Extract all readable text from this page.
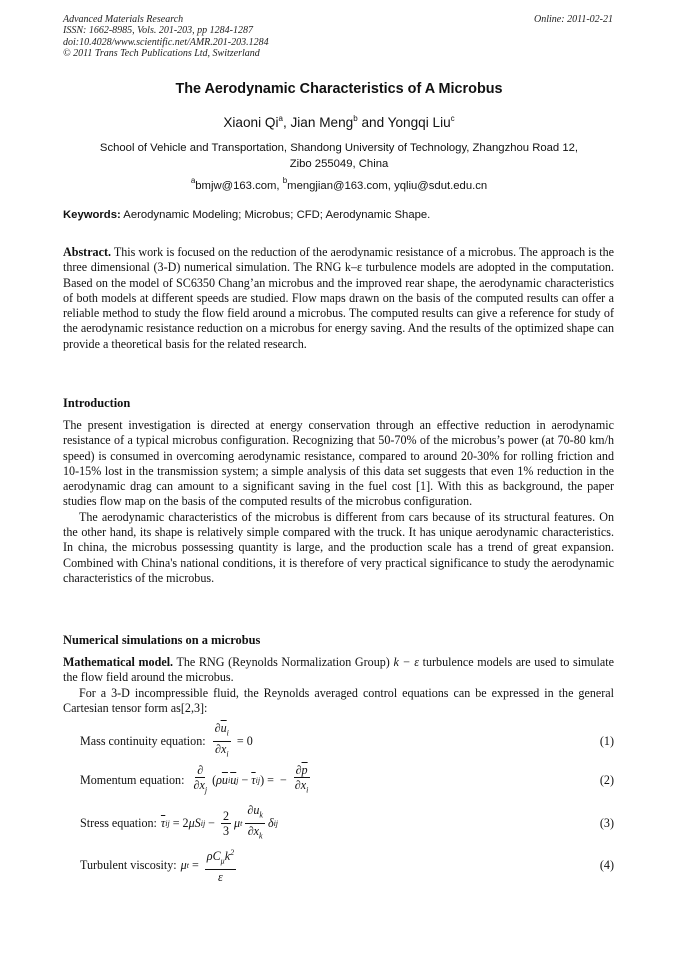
Advanced Materials Research
ISSN: 1662-8985, Vols. 201-203, pp 1284-1287
doi:10.4028/www.scientific.net/AMR.201-203.1284
© 2011 Trans Tech Publications Ltd, Switzerland
Online: 2011-02-21
The Aerodynamic Characteristics of A Microbus
Xiaoni Qi$^a$, Jian Meng$^b$ and Yongqi Liu$^c$
School of Vehicle and Transportation, Shandong University of Technology, Zhangzhou Road 12,
Zibo 255049, China
$^a$bmjw@163.com, $^b$mengjian@163.com, yqliu@sdut.edu.cn
Keywords: Aerodynamic Modeling; Microbus; CFD; Aerodynamic Shape.
Abstract. This work is focused on the reduction of the aerodynamic resistance of a microbus. The approach is the three dimensional (3-D) numerical simulation. The RNG k–ε turbulence models are adopted in the computation. Based on the model of SC6350 Chang’an microbus and the improved rear shape, the aerodynamic characteristics of both models at different speeds are studied. Flow maps drawn on the basis of the computed results can offer a reliable method to study the flow field around a microbus. The computed results can give a reference for study of the aerodynamic resistance reduction on a microbus for energy saving. And the results of the optimized shape can provide a theoretical basis for the related research.
Introduction
The present investigation is directed at energy conservation through an effective reduction in aerodynamic resistance of a typical microbus configuration. Recognizing that 50-70% of the microbus’s power (at 70-80 km/h speed) is consumed in overcoming aerodynamic resistance, compared to around 20-30% for rolling friction and 10-15% lost in the transmission system; a simple analysis of this data set suggests that even 1% reduction in the aerodynamic drag can amount to a significant saving in the fuel cost [1]. With this as background, the paper studies flow map on the basis of the computed results of the microbus configuration.
The aerodynamic characteristics of the microbus is different from cars because of its structural features. On the other hand, its shape is relatively simple compared with the truck. It has unique aerodynamic characteristics. In china, the microbus possessing quantity is large, and the production scale has a trend of great expansion. Combined with China's national conditions, it is therefore of very practical significance to study the aerodynamic characteristics of the microbus.
Numerical simulations on a microbus
Mathematical model. The RNG (Reynolds Normalization Group) k − ε turbulence models are used to simulate the flow field around the microbus.
For a 3-D incompressible fluid, the Reynolds averaged control equations can be expressed in the general Cartesian tensor form as[2,3]:
Mass continuity equation: $\frac{\partial\overline{u}_i}{\partial x_i} = 0$	(1)
Momentum equation: $\frac{\partial}{\partial x_j}$ ( ρ $\overline{u}$ i $\overline{u}$ $j - \overline{\tau}$ ij ) = − $\frac{\partial\overline{p}}{\partial x_i}$	(2)
Stress equation: $\overline{\tau}$ ij = 2 μS ij − $\frac{2}{3}$ μ t $\frac{\partial u_k}{\partial x_k}$ δ ij	(3)
Turbulent viscosity: μ $t = \frac{\rho C_\mu k^2}{\varepsilon}$	(4)
